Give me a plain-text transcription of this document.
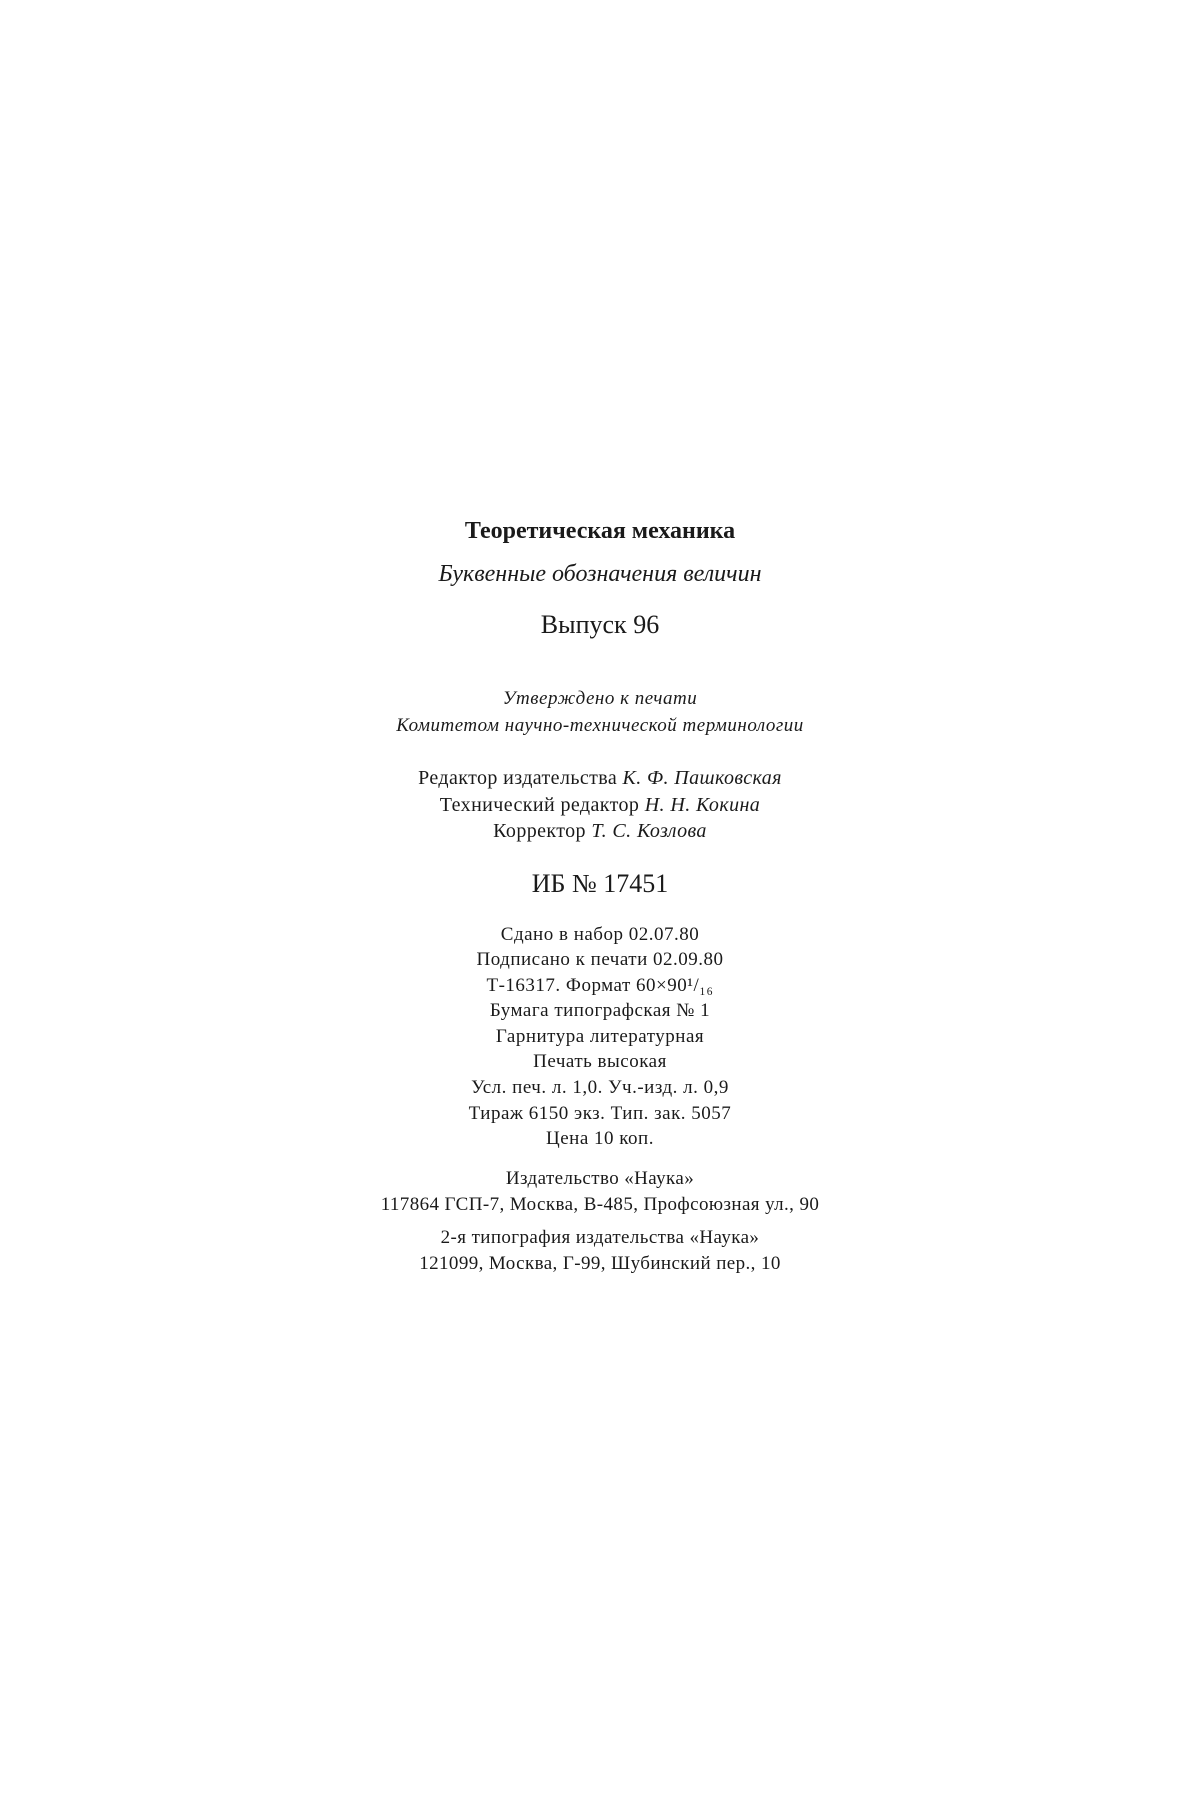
Теоретическая механика
Буквенные обозначения величин
Выпуск 96
Утверждено к печати
Комитетом научно-технической терминологии
Редактор издательства К. Ф. Пашковская
Технический редактор Н. Н. Кокина
Корректор Т. С. Козлова
ИБ № 17451
Сдано в набор 02.07.80
Подписано к печати 02.09.80
Т-16317. Формат 60×90¹/₁₆
Бумага типографская № 1
Гарнитура литературная
Печать высокая
Усл. печ. л. 1,0. Уч.-изд. л. 0,9
Тираж 6150 экз. Тип. зак. 5057
Цена 10 коп.
Издательство «Наука»
117864 ГСП-7, Москва, В-485, Профсоюзная ул., 90
2-я типография издательства «Наука»
121099, Москва, Г-99, Шубинский пер., 10
